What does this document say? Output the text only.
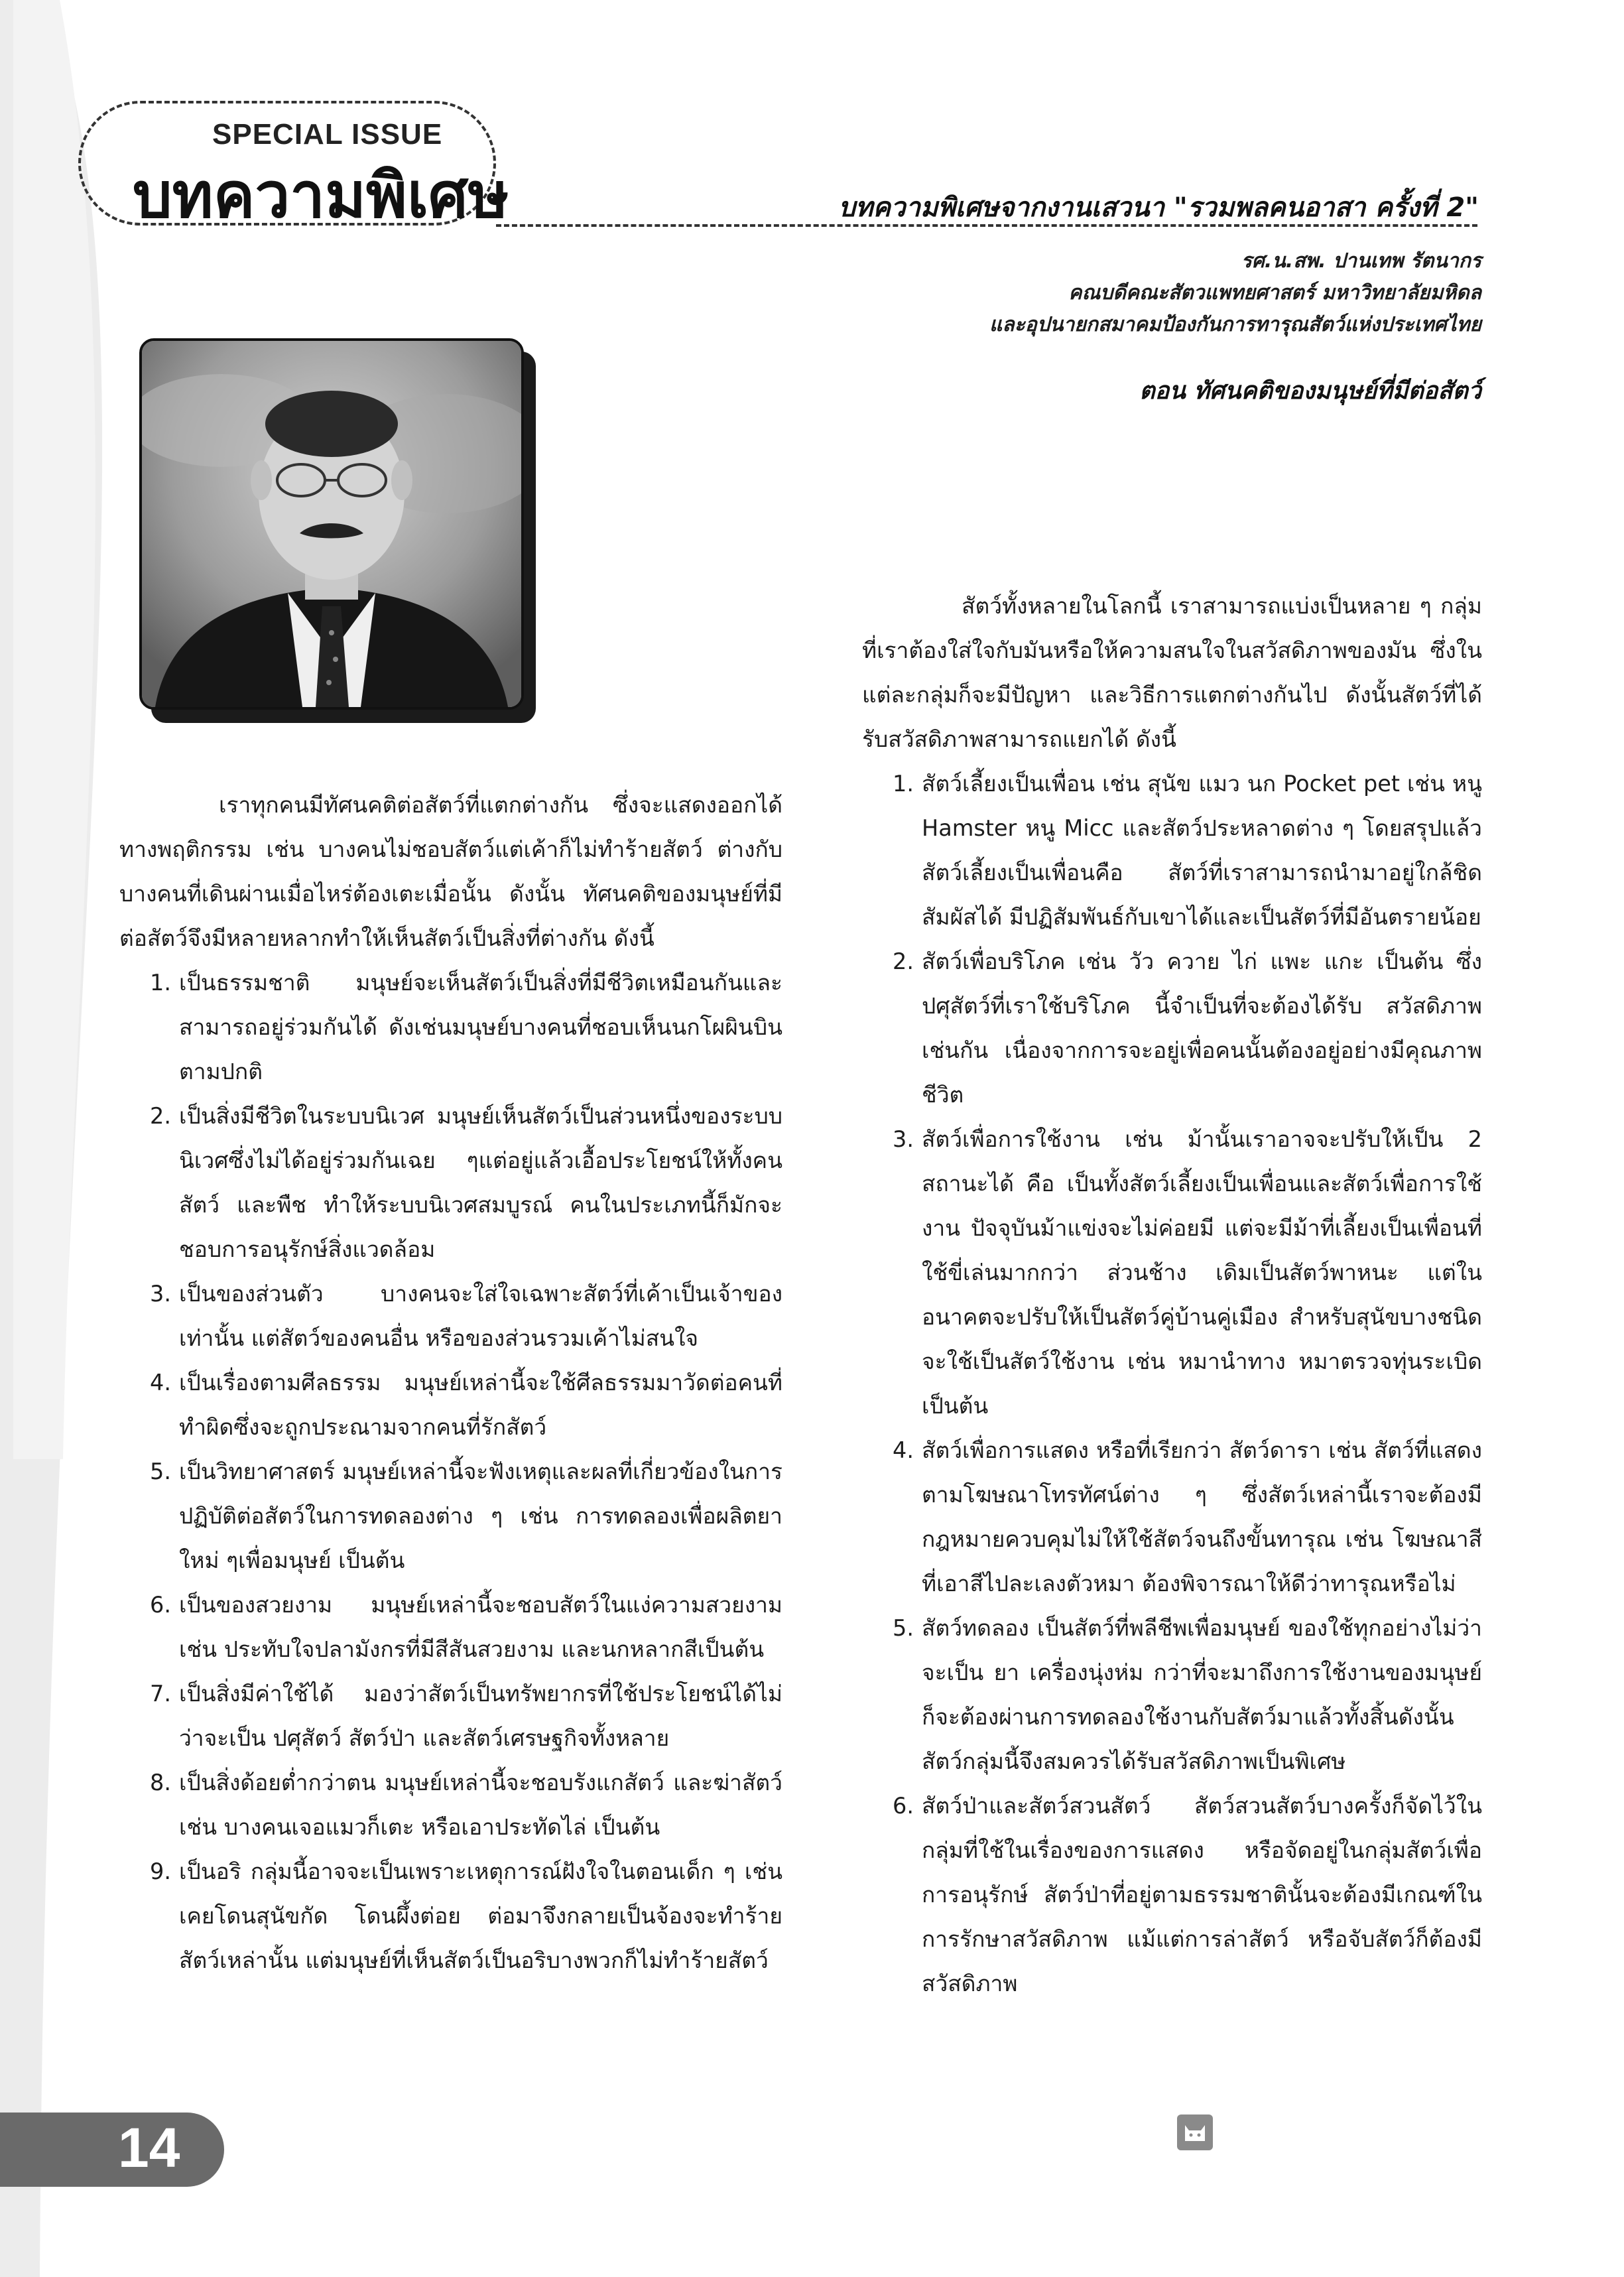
SPECIAL ISSUE
บทความพิเศษ	บทความพิเศษจากงานเสวนา "รวมพลคนอาสา ครั้งที่ 2"
รศ.น.สพ. ปานเทพ รัตนากร
คณบดีคณะสัตวแพทยศาสตร์ มหาวิทยาลัยมหิดล
และอุปนายกสมาคมป้องกันการทารุณสัตว์แห่งประเทศไทย
ตอน ทัศนคติของมนุษย์ที่มีต่อสัตว์

เราทุกคนมีทัศนคติต่อสัตว์ที่แตกต่างกัน ซึ่งจะแสดงออกได้ทางพฤติกรรม เช่น บางคนไม่ชอบสัตว์แต่เค้าก็ไม่ทำร้ายสัตว์ ต่างกับบางคนที่เดินผ่านเมื่อไหร่ต้องเตะเมื่อนั้น ดังนั้น ทัศนคติของมนุษย์ที่มีต่อสัตว์จึงมีหลายหลากทำให้เห็นสัตว์เป็นสิ่งที่ต่างกัน ดังนี้

1. เป็นธรรมชาติ มนุษย์จะเห็นสัตว์เป็นสิ่งที่มีชีวิตเหมือนกันและสามารถอยู่ร่วมกันได้ ดังเช่นมนุษย์บางคนที่ชอบเห็นนกโผผินบินตามปกติ
2. เป็นสิ่งมีชีวิตในระบบนิเวศ มนุษย์เห็นสัตว์เป็นส่วนหนึ่งของระบบนิเวศซึ่งไม่ได้อยู่ร่วมกันเฉย ๆแต่อยู่แล้วเอื้อประโยชน์ให้ทั้งคน สัตว์ และพืช ทำให้ระบบนิเวศสมบูรณ์ คนในประเภทนี้ก็มักจะชอบการอนุรักษ์สิ่งแวดล้อม
3. เป็นของส่วนตัว บางคนจะใส่ใจเฉพาะสัตว์ที่เค้าเป็นเจ้าของเท่านั้น แต่สัตว์ของคนอื่น หรือของส่วนรวมเค้าไม่สนใจ
4. เป็นเรื่องตามศีลธรรม มนุษย์เหล่านี้จะใช้ศีลธรรมมาวัดต่อคนที่ทำผิดซึ่งจะถูกประณามจากคนที่รักสัตว์
5. เป็นวิทยาศาสตร์ มนุษย์เหล่านี้จะฟังเหตุและผลที่เกี่ยวข้องในการปฏิบัติต่อสัตว์ในการทดลองต่าง ๆ เช่น การทดลองเพื่อผลิตยาใหม่ ๆเพื่อมนุษย์ เป็นต้น
6. เป็นของสวยงาม มนุษย์เหล่านี้จะชอบสัตว์ในแง่ความสวยงาม เช่น ประทับใจปลามังกรที่มีสีสันสวยงาม และนกหลากสีเป็นต้น
7. เป็นสิ่งมีค่าใช้ได้ มองว่าสัตว์เป็นทรัพยากรที่ใช้ประโยชน์ได้ไม่ว่าจะเป็น ปศุสัตว์ สัตว์ป่า และสัตว์เศรษฐกิจทั้งหลาย
8. เป็นสิ่งด้อยต่ำกว่าตน มนุษย์เหล่านี้จะชอบรังแกสัตว์ และฆ่าสัตว์ เช่น บางคนเจอแมวก็เตะ หรือเอาประทัดไล่ เป็นต้น
9. เป็นอริ กลุ่มนี้อาจจะเป็นเพราะเหตุการณ์ฝังใจในตอนเด็ก ๆ เช่น เคยโดนสุนัขกัด โดนผึ้งต่อย ต่อมาจึงกลายเป็นจ้องจะทำร้ายสัตว์เหล่านั้น แต่มนุษย์ที่เห็นสัตว์เป็นอริบางพวกก็ไม่ทำร้ายสัตว์

สัตว์ทั้งหลายในโลกนี้ เราสามารถแบ่งเป็นหลาย ๆ กลุ่มที่เราต้องใส่ใจกับมันหรือให้ความสนใจในสวัสดิภาพของมัน ซึ่งในแต่ละกลุ่มก็จะมีปัญหา และวิธีการแตกต่างกันไป ดังนั้นสัตว์ที่ได้รับสวัสดิภาพสามารถแยกได้ ดังนี้

1. สัตว์เลี้ยงเป็นเพื่อน เช่น สุนัข แมว นก Pocket pet เช่น หนู Hamster หนู Micc และสัตว์ประหลาดต่าง ๆ โดยสรุปแล้วสัตว์เลี้ยงเป็นเพื่อนคือ สัตว์ที่เราสามารถนำมาอยู่ใกล้ชิด สัมผัสได้ มีปฏิสัมพันธ์กับเขาได้และเป็นสัตว์ที่มีอันตรายน้อย
2. สัตว์เพื่อบริโภค เช่น วัว ควาย ไก่ แพะ แกะ เป็นต้น ซึ่งปศุสัตว์ที่เราใช้บริโภค นี้จำเป็นที่จะต้องได้รับ สวัสดิภาพเช่นกัน เนื่องจากการจะอยู่เพื่อคนนั้นต้องอยู่อย่างมีคุณภาพชีวิต
3. สัตว์เพื่อการใช้งาน เช่น ม้านั้นเราอาจจะปรับให้เป็น 2 สถานะได้ คือ เป็นทั้งสัตว์เลี้ยงเป็นเพื่อนและสัตว์เพื่อการใช้งาน ปัจจุบันม้าแข่งจะไม่ค่อยมี แต่จะมีม้าที่เลี้ยงเป็นเพื่อนที่ใช้ขี่เล่นมากกว่า ส่วนช้าง เดิมเป็นสัตว์พาหนะ แต่ในอนาคตจะปรับให้เป็นสัตว์คู่บ้านคู่เมือง สำหรับสุนัขบางชนิด จะใช้เป็นสัตว์ใช้งาน เช่น หมานำทาง หมาตรวจทุ่นระเบิด เป็นต้น
4. สัตว์เพื่อการแสดง หรือที่เรียกว่า สัตว์ดารา เช่น สัตว์ที่แสดงตามโฆษณาโทรทัศน์ต่าง ๆ ซึ่งสัตว์เหล่านี้เราจะต้องมีกฎหมายควบคุมไม่ให้ใช้สัตว์จนถึงขั้นทารุณ เช่น โฆษณาสีที่เอาสีไปละเลงตัวหมา ต้องพิจารณาให้ดีว่าทารุณหรือไม่
5. สัตว์ทดลอง เป็นสัตว์ที่พลีชีพเพื่อมนุษย์ ของใช้ทุกอย่างไม่ว่าจะเป็น ยา เครื่องนุ่งห่ม กว่าที่จะมาถึงการใช้งานของมนุษย์ก็จะต้องผ่านการทดลองใช้งานกับสัตว์มาแล้วทั้งสิ้นดังนั้น สัตว์กลุ่มนี้จึงสมควรได้รับสวัสดิภาพเป็นพิเศษ
6. สัตว์ป่าและสัตว์สวนสัตว์ สัตว์สวนสัตว์บางครั้งก็จัดไว้ในกลุ่มที่ใช้ในเรื่องของการแสดง หรือจัดอยู่ในกลุ่มสัตว์เพื่อการอนุรักษ์ สัตว์ป่าที่อยู่ตามธรรมชาตินั้นจะต้องมีเกณฑ์ในการรักษาสวัสดิภาพ แม้แต่การล่าสัตว์ หรือจับสัตว์ก็ต้องมีสวัสดิภาพ
14
